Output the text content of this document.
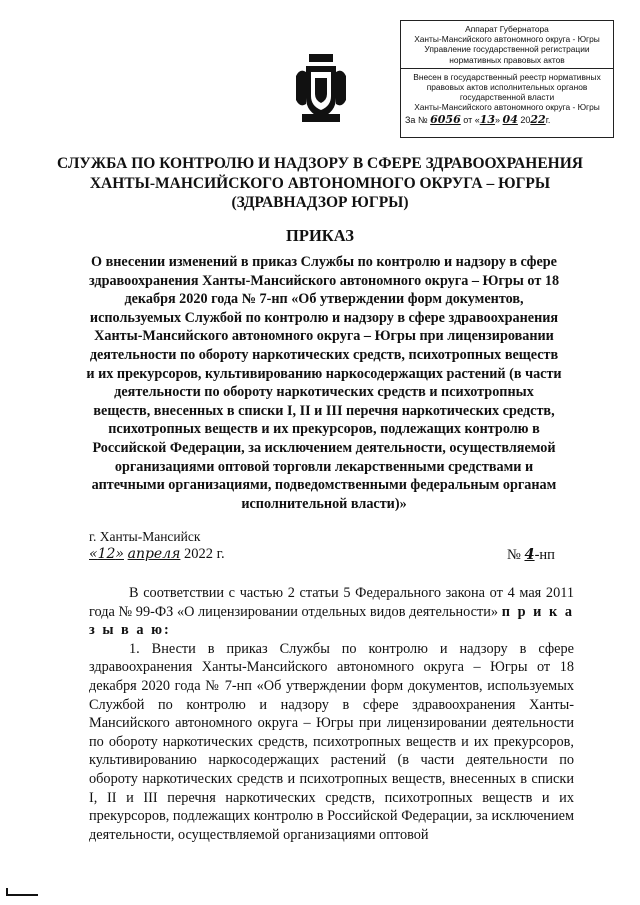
Аппарат Губернатора
Ханты-Мансийского автономного округа - Югры
Управление государственной регистрации
нормативных правовых актов
Внесен в государственный реестр нормативных
правовых актов исполнительных органов
государственной власти
Ханты-Мансийского автономного округа - Югры
За № 6056 от «13» 04 2022г.
СЛУЖБА ПО КОНТРОЛЮ И НАДЗОРУ В СФЕРЕ ЗДРАВООХРАНЕНИЯ
ХАНТЫ-МАНСИЙСКОГО АВТОНОМНОГО ОКРУГА – ЮГРЫ
(ЗДРАВНАДЗОР ЮГРЫ)
ПРИКАЗ
О внесении изменений в приказ Службы по контролю и надзору в сфере здравоохранения Ханты-Мансийского автономного округа – Югры от 18 декабря 2020 года № 7-нп «Об утверждении форм документов, используемых Службой по контролю и надзору в сфере здравоохранения Ханты-Мансийского автономного округа – Югры при лицензировании деятельности по обороту наркотических средств, психотропных веществ и их прекурсоров, культивированию наркосодержащих растений (в части деятельности по обороту наркотических средств и психотропных веществ, внесенных в списки I, II и III перечня наркотических средств, психотропных веществ и их прекурсоров, подлежащих контролю в Российской Федерации, за исключением деятельности, осуществляемой организациями оптовой торговли лекарственными средствами и аптечными организациями, подведомственными федеральным органам исполнительной власти)»
г. Ханты-Мансийск
«12» апреля 2022 г.	№ 4-нп

В соответствии с частью 2 статьи 5 Федерального закона от 4 мая 2011 года № 99-ФЗ «О лицензировании отдельных видов деятельности» п р и к а з ы в а ю:

1. Внести в приказ Службы по контролю и надзору в сфере здравоохранения Ханты-Мансийского автономного округа – Югры от 18 декабря 2020 года № 7-нп «Об утверждении форм документов, используемых Службой по контролю и надзору в сфере здравоохранения Ханты-Мансийского автономного округа – Югры при лицензировании деятельности по обороту наркотических средств, психотропных веществ и их прекурсоров, культивированию наркосодержащих растений (в части деятельности по обороту наркотических средств и психотропных веществ, внесенных в списки I, II и III перечня наркотических средств, психотропных веществ и их прекурсоров, подлежащих контролю в Российской Федерации, за исключением деятельности, осуществляемой организациями оптовой
